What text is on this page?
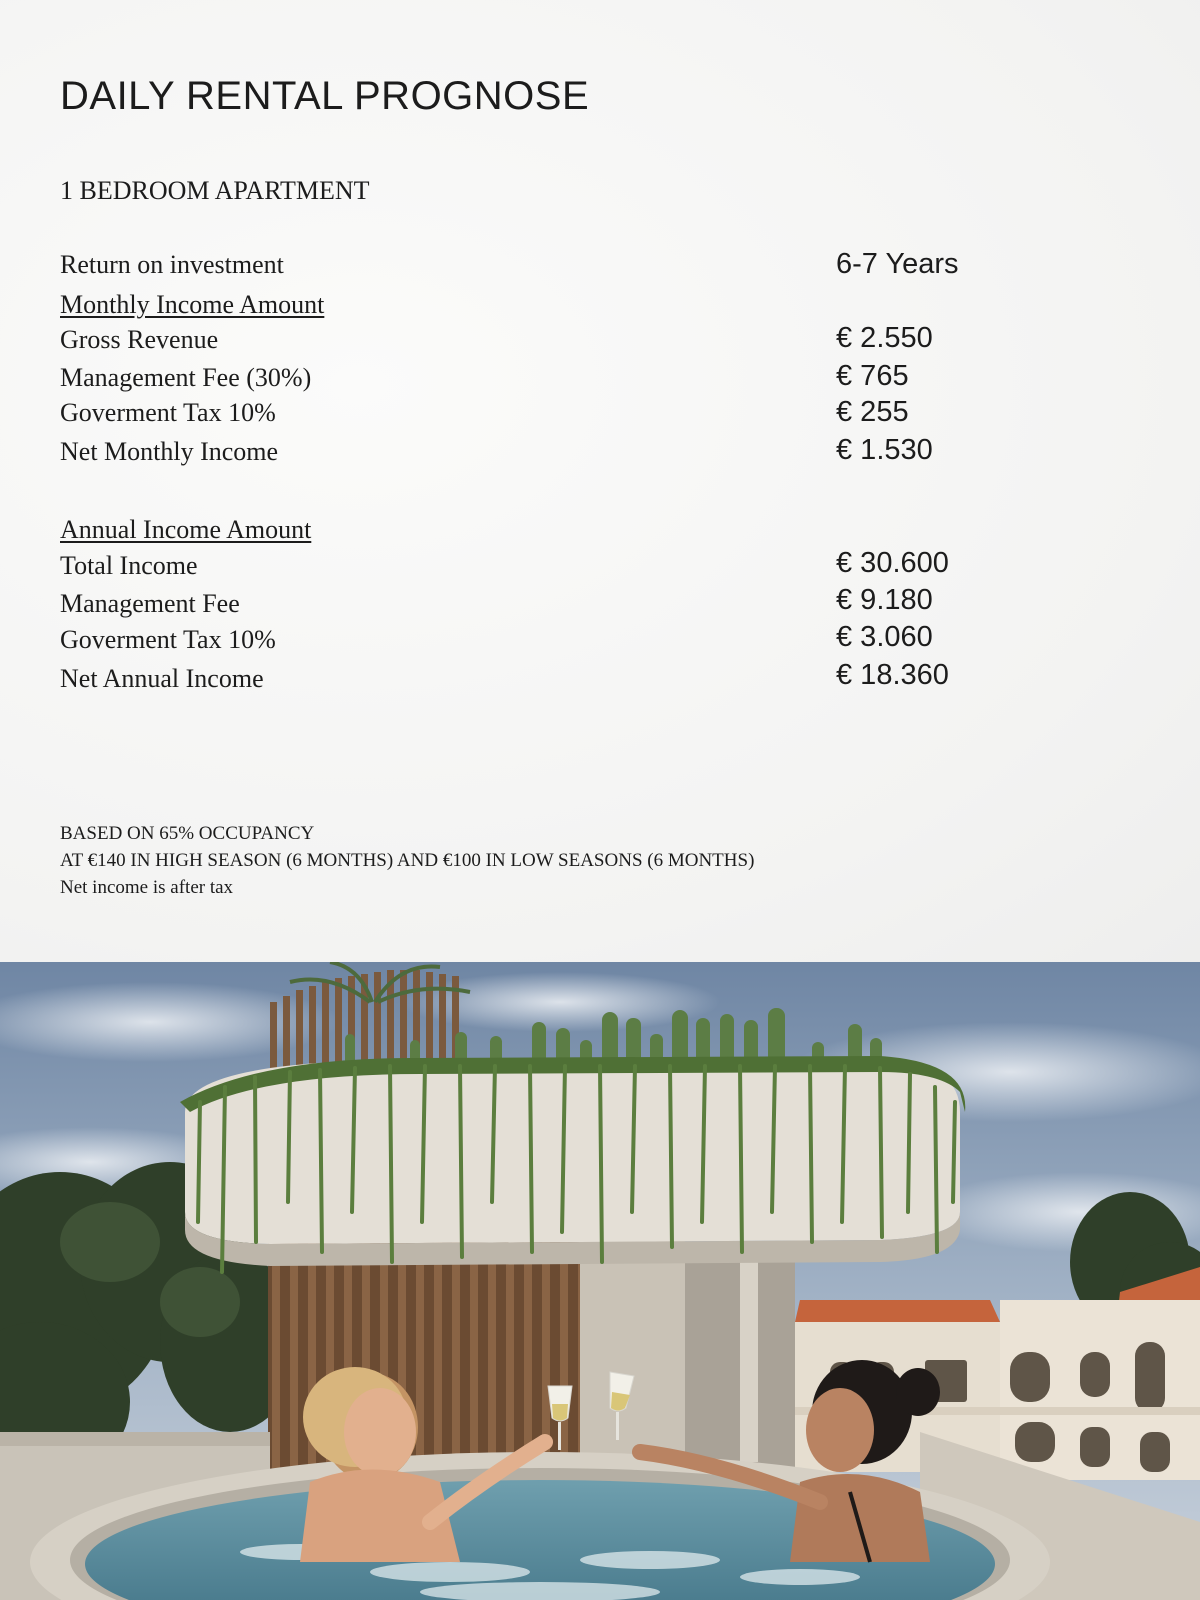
DAILY RENTAL PROGNOSE
1 BEDROOM APARTMENT
Return on investment	6-7 Years
Monthly Income Amount
Gross Revenue	€ 2.550
Management Fee (30%)	€ 765
Goverment Tax 10%	€ 255
Net Monthly Income	€ 1.530
Annual Income Amount
Total Income	€ 30.600
Management Fee	€ 9.180
Goverment Tax 10%	€ 3.060
Net Annual Income	€ 18.360
BASED ON 65% OCCUPANCY
AT €140 IN HIGH SEASON (6 MONTHS) AND €100 IN LOW SEASONS (6 MONTHS)
Net income is after tax
